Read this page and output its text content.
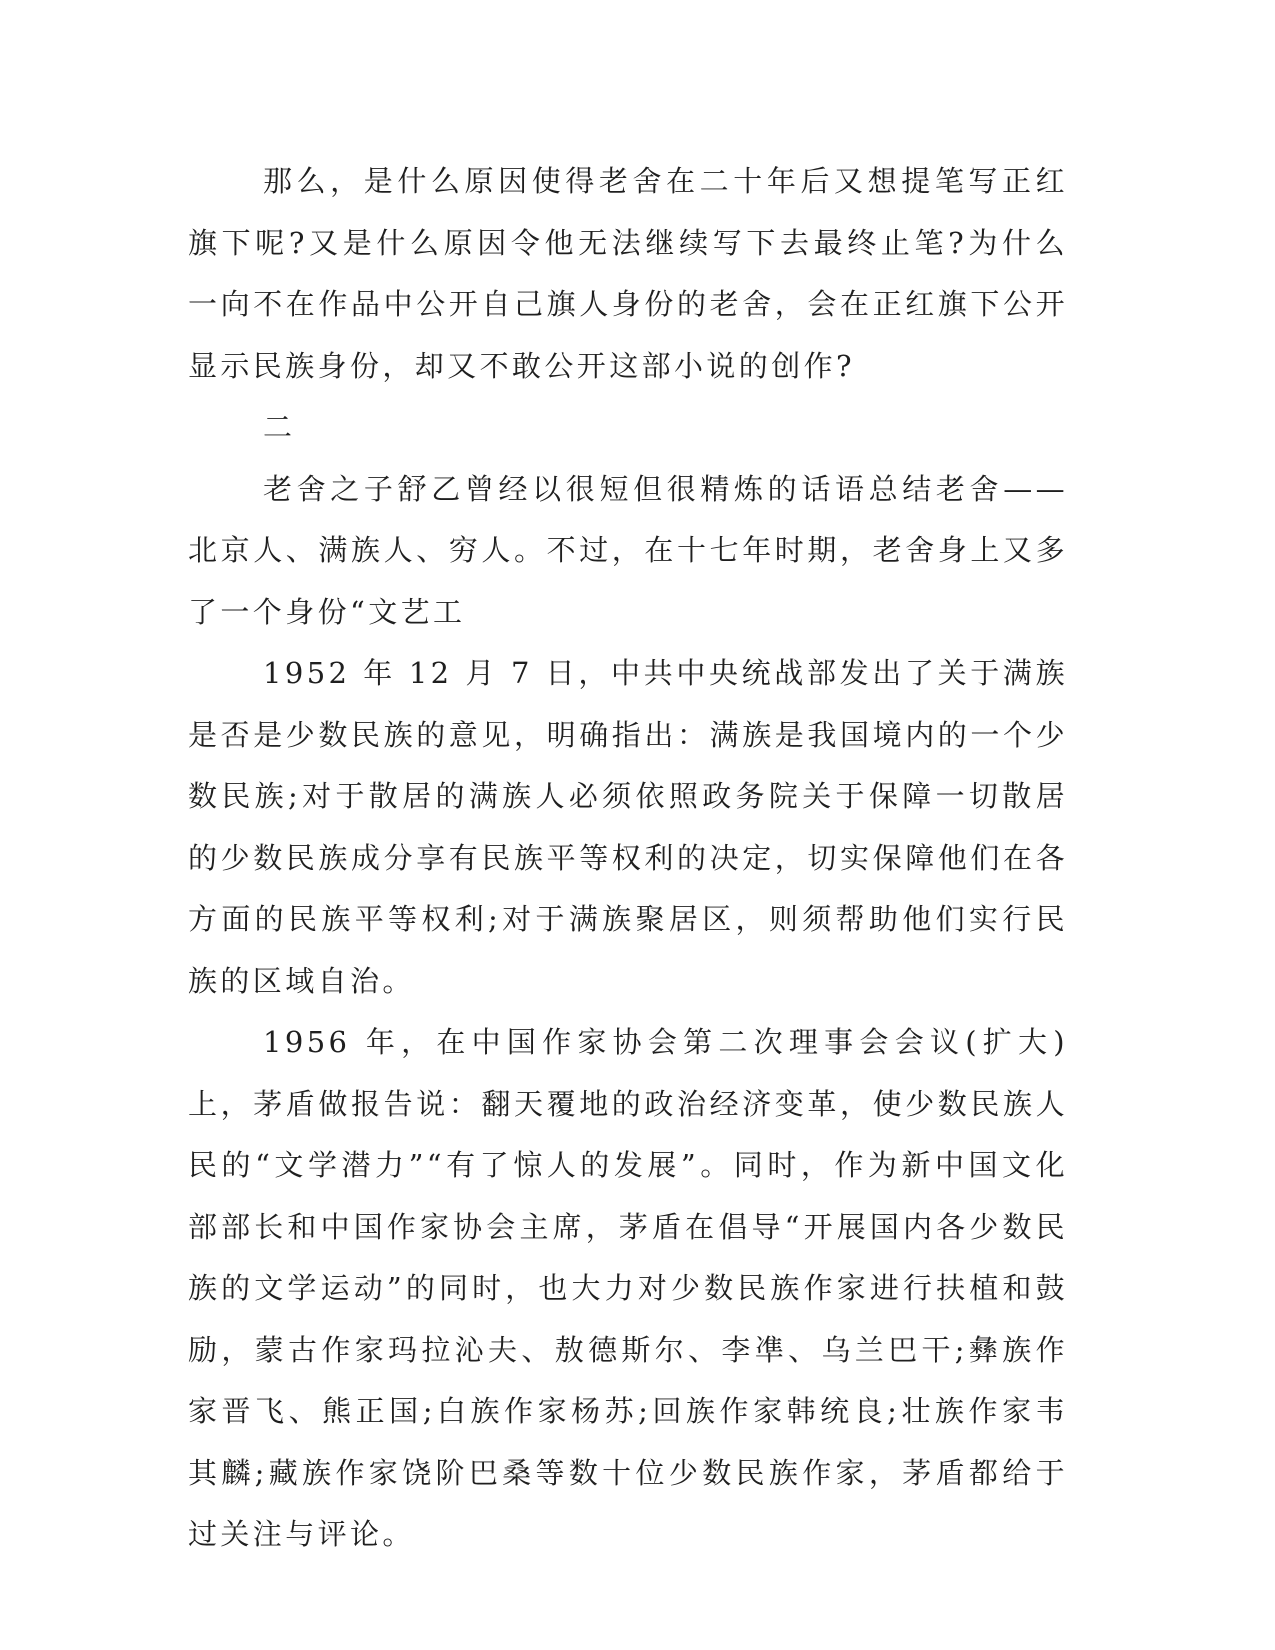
那么，是什么原因使得老舍在二十年后又想提笔写正红旗下呢?又是什么原因令他无法继续写下去最终止笔?为什么一向不在作品中公开自己旗人身份的老舍，会在正红旗下公开显示民族身份，却又不敢公开这部小说的创作?

二

老舍之子舒乙曾经以很短但很精炼的话语总结老舍——北京人、满族人、穷人。不过，在十七年时期，老舍身上又多了一个身份“文艺工

1952 年 12 月 7 日，中共中央统战部发出了关于满族是否是少数民族的意见，明确指出：满族是我国境内的一个少数民族;对于散居的满族人必须依照政务院关于保障一切散居的少数民族成分享有民族平等权利的决定，切实保障他们在各方面的民族平等权利;对于满族聚居区，则须帮助他们实行民族的区域自治。

1956 年，在中国作家协会第二次理事会会议(扩大)上，茅盾做报告说：翻天覆地的政治经济变革，使少数民族人民的“文学潜力”“有了惊人的发展”。同时，作为新中国文化部部长和中国作家协会主席，茅盾在倡导“开展国内各少数民族的文学运动”的同时，也大力对少数民族作家进行扶植和鼓励，蒙古作家玛拉沁夫、敖德斯尔、李凖、乌兰巴干;彝族作家晋飞、熊正国;白族作家杨苏;回族作家韩统良;壮族作家韦其麟;藏族作家饶阶巴桑等数十位少数民族作家，茅盾都给于过关注与评论。
